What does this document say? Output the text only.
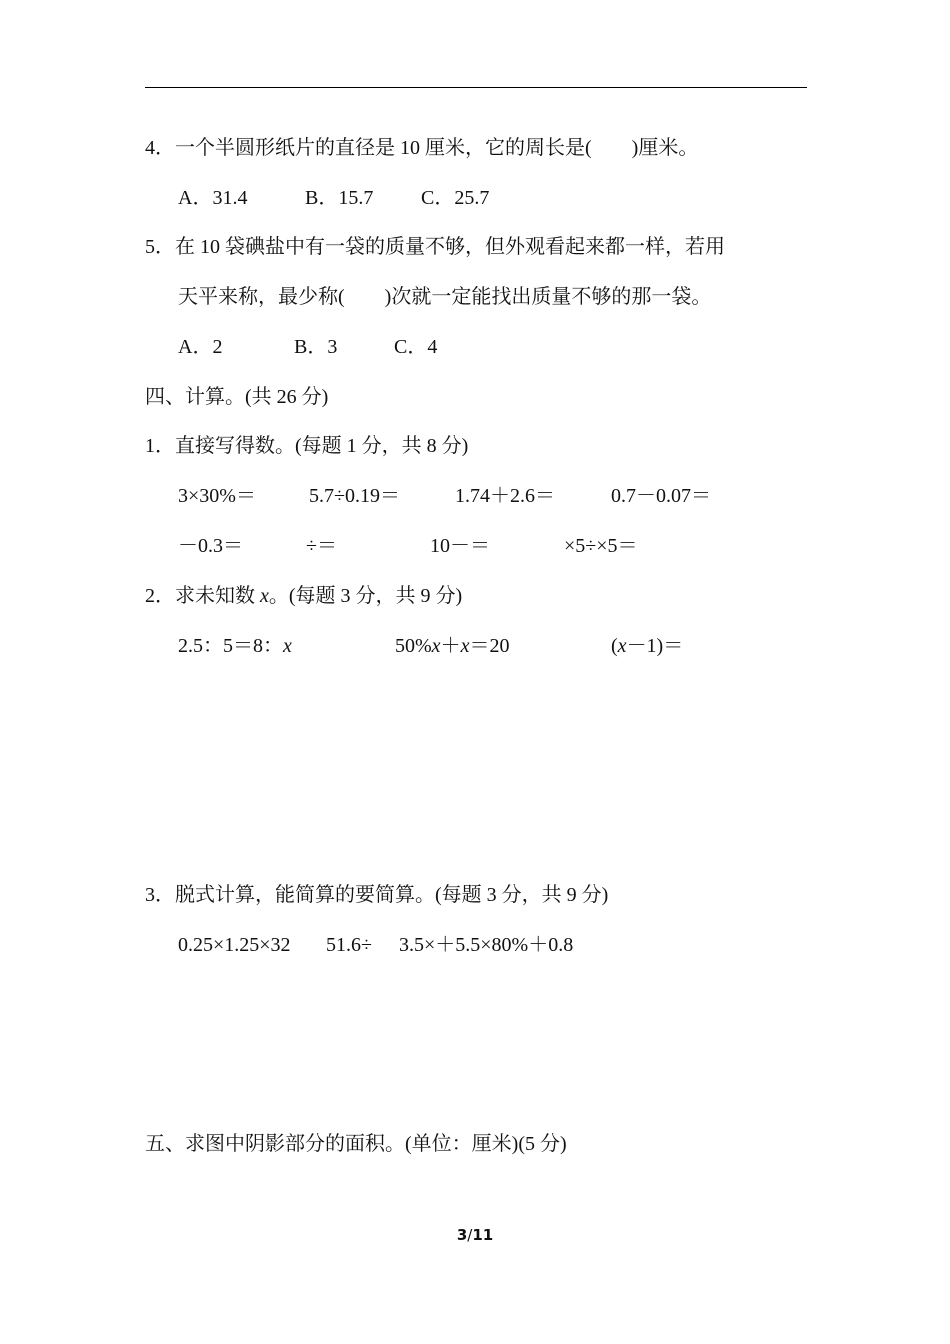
4．一个半圆形纸片的直径是 10 厘米，它的周长是(　　)厘米。

A．31.4

	B．15.7

C．25.7

5．在 10 袋碘盐中有一袋的质量不够，但外观看起来都一样，若用
天平来称，最少称(　　)次就一定能找出质量不够的那一袋。

A．2

	B．3

	C．4

四、计算。(共 26 分)
1．直接写得数。(每题 1 分，共 8 分)

3×30%＝

	5.7÷0.19＝

	1.74＋2.6＝

	0.7－0.07＝

－0.3＝

	÷＝

	10－＝

	×5÷×5＝

2．求未知数 x。(每题 3 分，共 9 分)

2.5：5＝8：x

	50%x＋x＝20

	(x－1)＝

3．脱式计算，能简算的要简算。(每题 3 分，共 9 分)

0.25×1.25×32

51.6÷

3.5×＋5.5×80%＋0.8

五、求图中阴影部分的面积。(单位：厘米)(5 分)
3/11
